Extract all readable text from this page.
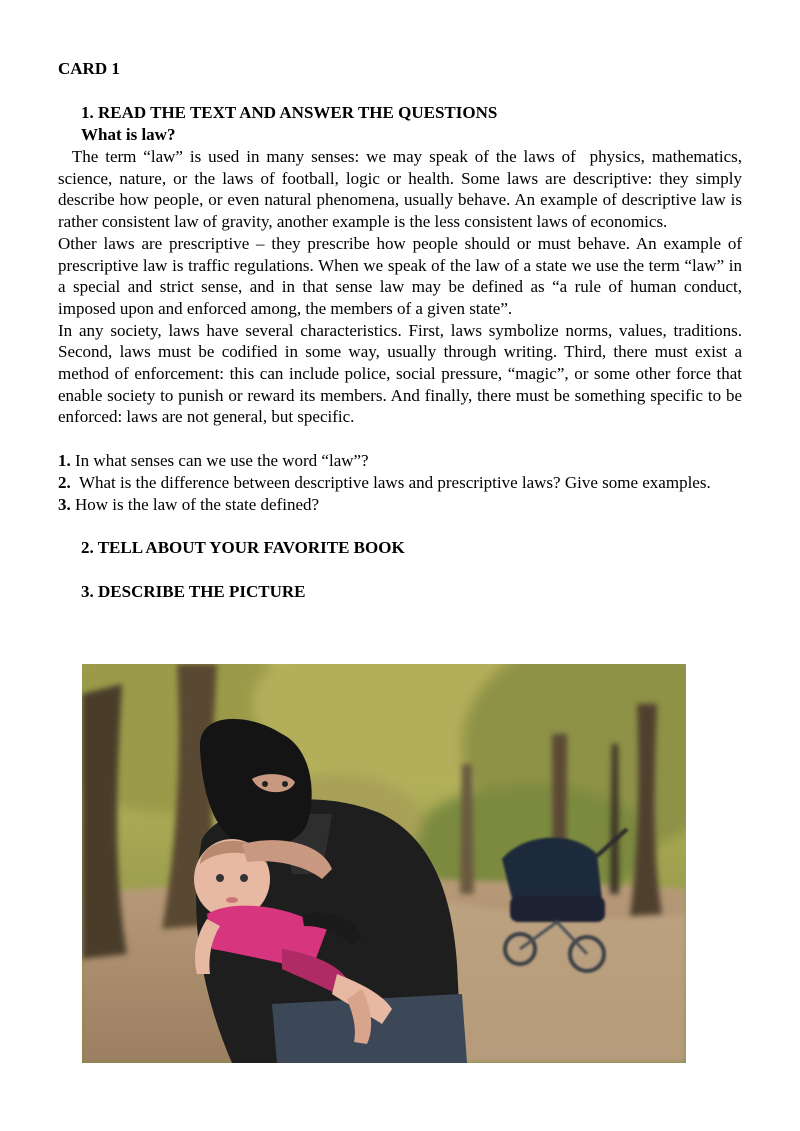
CARD 1

1. READ THE TEXT AND ANSWER THE QUESTIONS

What is law?

The term “law” is used in many senses: we may speak of the laws of  physics, mathematics, science, nature, or the laws of football, logic or health. Some laws are descriptive: they simply describe how people, or even natural phenomena, usually behave. An example of descriptive law is rather consistent law of gravity, another example is the less consistent laws of economics.

Other laws are prescriptive – they prescribe how people should or must behave. An example of prescriptive law is traffic regulations. When we speak of the law of a state we use the term “law” in a special and strict sense, and in that sense law may be defined as “a rule of human conduct, imposed upon and enforced among, the members of a given state”.

In any society, laws have several characteristics. First, laws symbolize norms, values, traditions. Second, laws must be codified in some way, usually through writing. Third, there must exist a method of enforcement: this can include police, social pressure, “magic”, or some other force that enable society to punish or reward its members. And finally, there must be something specific to be enforced: laws are not general, but specific.

1. In what senses can we use the word “law”?

2.  What is the difference between descriptive laws and prescriptive laws? Give some examples.

3. How is the law of the state defined?

2. TELL ABOUT YOUR FAVORITE BOOK

3. DESCRIBE THE PICTURE
